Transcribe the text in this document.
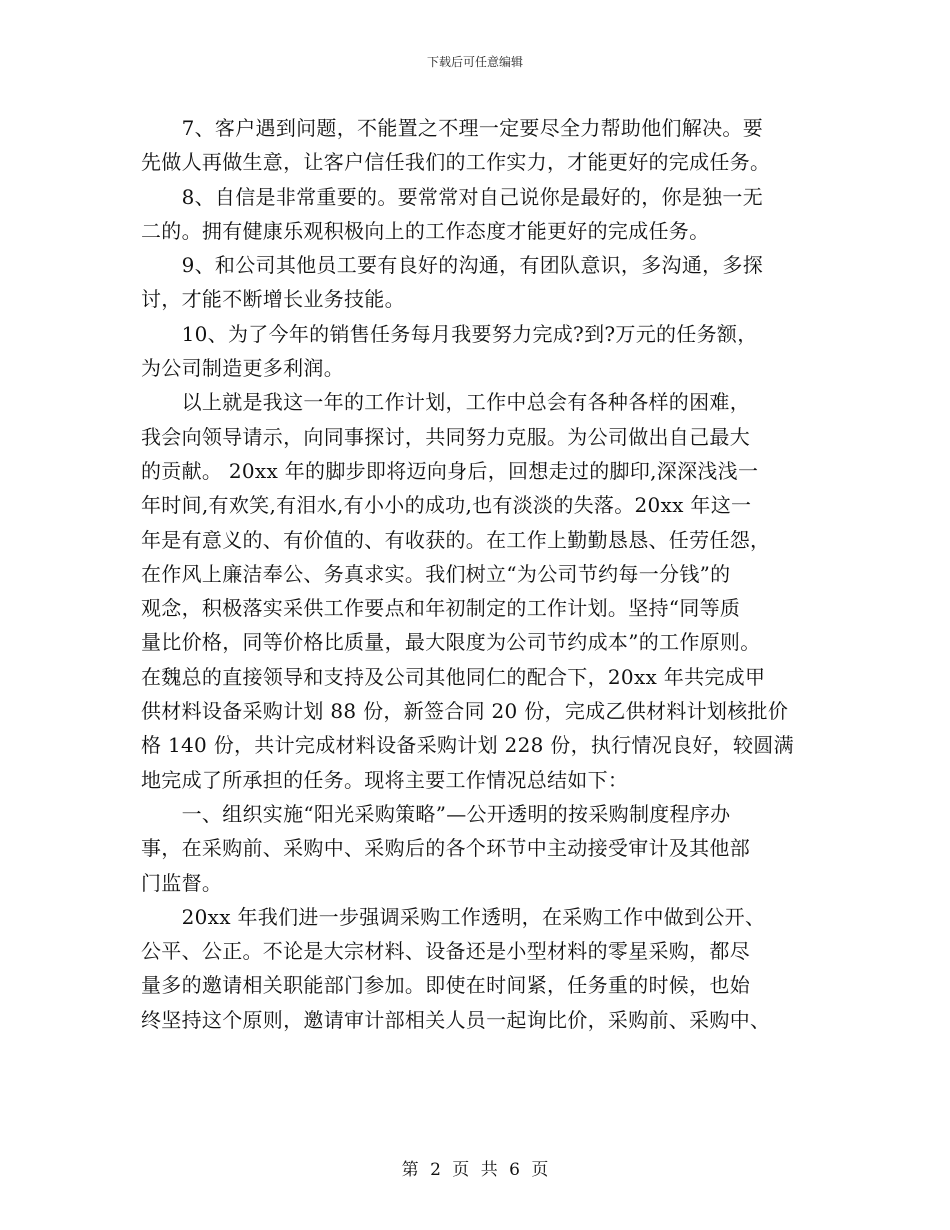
下载后可任意编辑
　　7、客户遇到问题，不能置之不理一定要尽全力帮助他们解决。要
先做人再做生意，让客户信任我们的工作实力，才能更好的完成任务。
　　8、自信是非常重要的。要常常对自己说你是最好的，你是独一无
二的。拥有健康乐观积极向上的工作态度才能更好的完成任务。
　　9、和公司其他员工要有良好的沟通，有团队意识，多沟通，多探
讨，才能不断增长业务技能。
　　10、为了今年的销售任务每月我要努力完成?到?万元的任务额，
为公司制造更多利润。
　　以上就是我这一年的工作计划，工作中总会有各种各样的困难，
我会向领导请示，向同事探讨，共同努力克服。为公司做出自己最大
的贡献。 20xx 年的脚步即将迈向身后，回想走过的脚印,深深浅浅一
年时间,有欢笑,有泪水,有小小的成功,也有淡淡的失落。20xx 年这一
年是有意义的、有价值的、有收获的。在工作上勤勤恳恳、任劳任怨，
在作风上廉洁奉公、务真求实。我们树立“为公司节约每一分钱”的
观念，积极落实采供工作要点和年初制定的工作计划。坚持“同等质
量比价格，同等价格比质量，最大限度为公司节约成本”的工作原则。
在魏总的直接领导和支持及公司其他同仁的配合下，20xx 年共完成甲
供材料设备采购计划 88 份，新签合同 20 份，完成乙供材料计划核批价
格 140 份，共计完成材料设备采购计划 228 份，执行情况良好，较圆满
地完成了所承担的任务。现将主要工作情况总结如下：
　　一、组织实施“阳光采购策略”—公开透明的按采购制度程序办
事，在采购前、采购中、采购后的各个环节中主动接受审计及其他部
门监督。
　　20xx 年我们进一步强调采购工作透明，在采购工作中做到公开、
公平、公正。不论是大宗材料、设备还是小型材料的零星采购，都尽
量多的邀请相关职能部门参加。即使在时间紧，任务重的时候，也始
终坚持这个原则，邀请审计部相关人员一起询比价，采购前、采购中、
第 2 页 共 6 页
